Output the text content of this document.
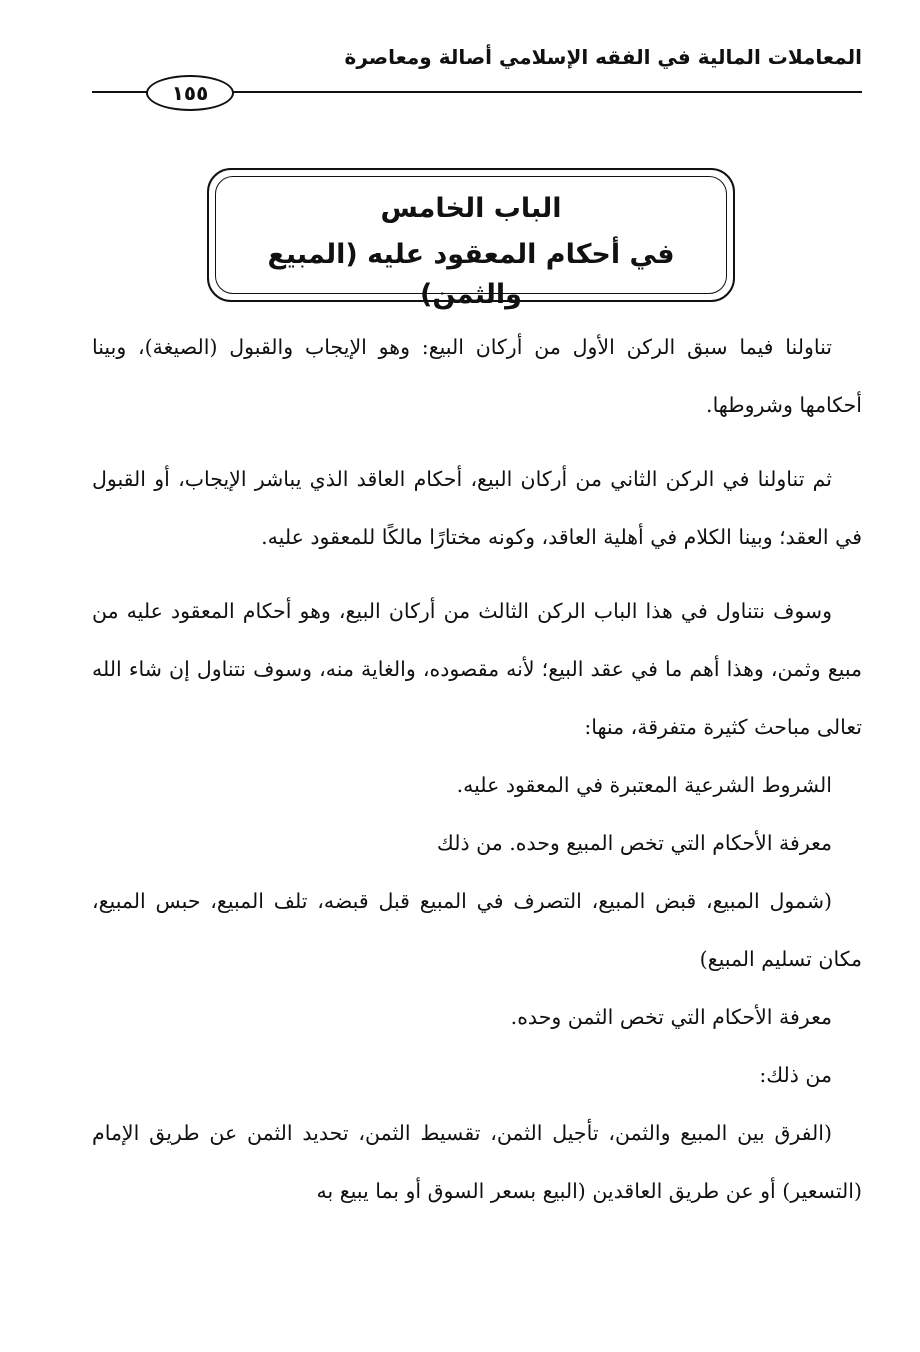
المعاملات المالية في الفقه الإسلامي أصالة ومعاصرة
١٥٥
الباب الخامس
في أحكام المعقود عليه (المبيع والثمن)

تناولنا فيما سبق الركن الأول من أركان البيع: وهو الإيجاب والقبول (الصيغة)، وبينا أحكامها وشروطها.

ثم تناولنا في الركن الثاني من أركان البيع، أحكام العاقد الذي يباشر الإيجاب، أو القبول في العقد؛ وبينا الكلام في أهلية العاقد، وكونه مختارًا مالكًا للمعقود عليه.

وسوف نتناول في هذا الباب الركن الثالث من أركان البيع، وهو أحكام المعقود عليه من مبيع وثمن، وهذا أهم ما في عقد البيع؛ لأنه مقصوده، والغاية منه، وسوف نتناول إن شاء الله تعالى مباحث كثيرة متفرقة، منها:

الشروط الشرعية المعتبرة في المعقود عليه.

معرفة الأحكام التي تخص المبيع وحده. من ذلك

(شمول المبيع، قبض المبيع، التصرف في المبيع قبل قبضه، تلف المبيع، حبس المبيع، مكان تسليم المبيع)

معرفة الأحكام التي تخص الثمن وحده.

من ذلك:

(الفرق بين المبيع والثمن، تأجيل الثمن، تقسيط الثمن، تحديد الثمن عن طريق الإمام (التسعير) أو عن طريق العاقدين (البيع بسعر السوق أو بما يبيع به
